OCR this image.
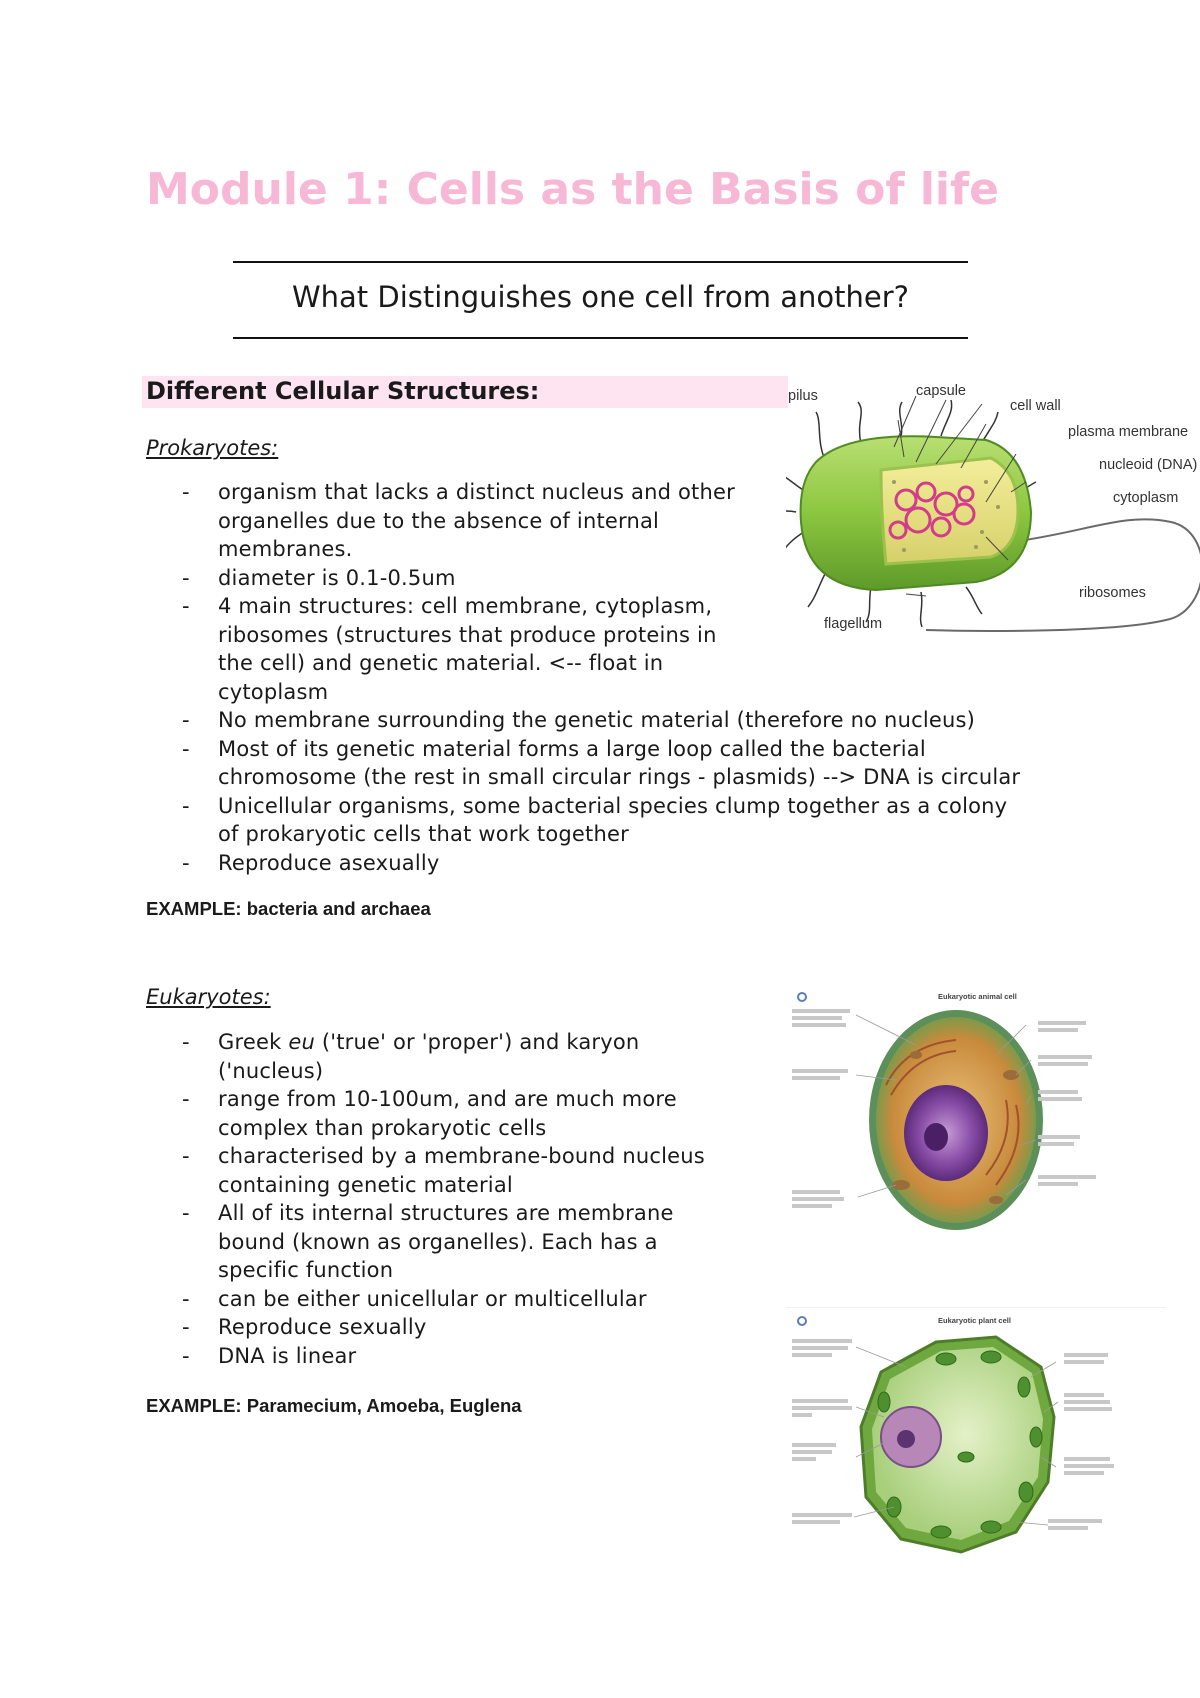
Module 1: Cells as the Basis of life

What Distinguishes one cell from another?

Different Cellular Structures:

Prokaryotes:

- organism that lacks a distinct nucleus and other
organelles due to the absence of internal
membranes.
- diameter is 0.1-0.5um
- 4 main structures: cell membrane, cytoplasm,
ribosomes (structures that produce proteins in
the cell) and genetic material. <-- float in
cytoplasm
- No membrane surrounding the genetic material (therefore no nucleus)
- Most of its genetic material forms a large loop called the bacterial
chromosome (the rest in small circular rings - plasmids) --> DNA is circular
- Unicellular organisms, some bacterial species clump together as a colony
of prokaryotic cells that work together
- Reproduce asexually

EXAMPLE: bacteria and archaea

Eukaryotes:

- Greek eu ('true' or 'proper') and karyon
('nucleus)
- range from 10-100um, and are much more
complex than prokaryotic cells
- characterised by a membrane-bound nucleus
containing genetic material
- All of its internal structures are membrane
bound (known as organelles). Each has a
specific function
- can be either unicellular or multicellular
- Reproduce sexually
- DNA is linear

EXAMPLE: Paramecium, Amoeba, Euglena

pilus	capsule
cell wall
plasma membrane
nucleoid (DNA)
cytoplasm
ribosomes
flagellum
Eukaryotic animal cell
Eukaryotic plant cell
